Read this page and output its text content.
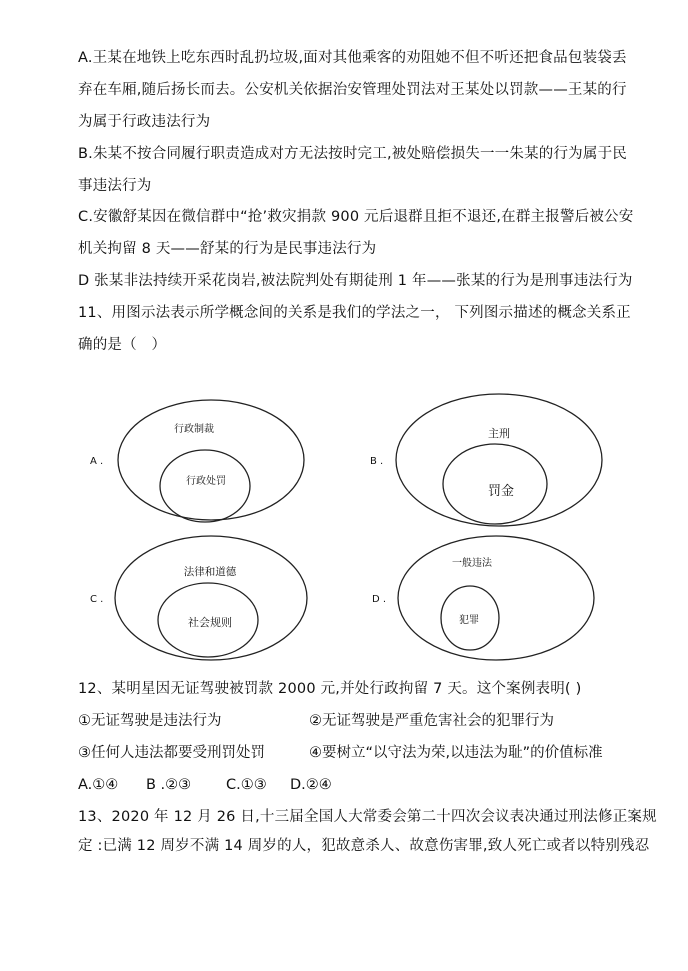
A.王某在地铁上吃东西时乱扔垃圾,面对其他乘客的劝阻她不但不听还把食品包装袋丢
弃在车厢,随后扬长而去。公安机关依据治安管理处罚法对王某处以罚款——王某的行
为属于行政违法行为
B.朱某不按合同履行职责造成对方无法按时完工,被处赔偿损失一一朱某的行为属于民
事违法行为
C.安徽舒某因在微信群中“抢’救灾捐款 900 元后退群且拒不退还,在群主报警后被公安
机关拘留 8 天——舒某的行为是民事违法行为
D 张某非法持续开采花岗岩,被法院判处有期徒刑 1 年——张某的行为是刑事违法行为
11、用图示法表示所学概念间的关系是我们的学法之一， 下列图示描述的概念关系正
确的是（　）
A .
行政制裁
行政处罚
B .
主刑
罚金
C .
法律和道德
社会规则
D .
一般违法
犯罪
12、某明星因无证驾驶被罚款 2000 元,并处行政拘留 7 天。这个案例表明( )
①无证驾驶是违法行为	②无证驾驶是严重危害社会的犯罪行为
③任何人违法都要受刑罚处罚	④要树立“以守法为荣,以违法为耻”的价值标准
A.①④ B .②③ C.①③ D.②④
13、2020 年 12 月 26 日,十三届全国人大常委会第二十四次会议表决通过刑法修正案规
定 :已满 12 周岁不满 14 周岁的人，犯故意杀人、故意伤害罪,致人死亡或者以特别残忍
